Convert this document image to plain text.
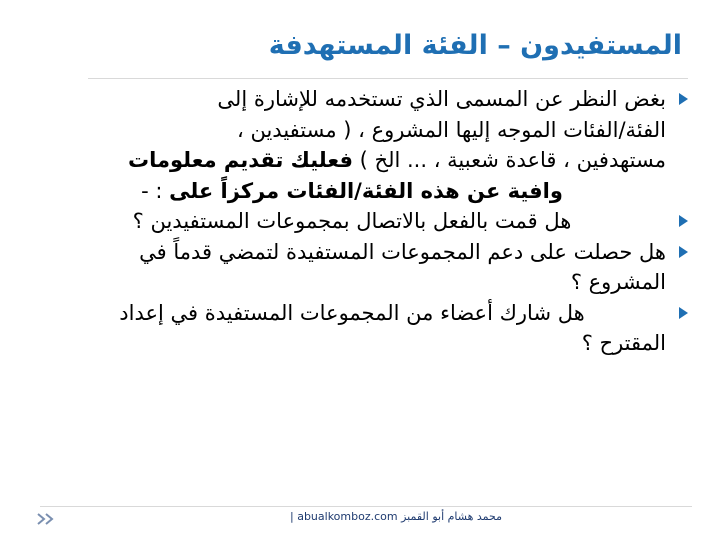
المستفيدون – الفئة المستهدفة
بغض النظر عن المسمى الذي تستخدمه للإشارة إلى
الفئة/الفئات الموجه إليها المشروع ، ( مستفيدين ،
مستهدفين ، قاعدة شعبية ، ... الخ ) فعليك تقديم معلومات
وافية عن هذه الفئة/الفئات مركزاً على : -
هل قمت بالفعل بالاتصال بمجموعات المستفيدين ؟
هل حصلت على دعم المجموعات المستفيدة لتمضي قدماً في
المشروع ؟
هل شارك أعضاء من المجموعات المستفيدة في إعداد
المقترح ؟
| abualkomboz.com محمد هشام أبو القمبز
